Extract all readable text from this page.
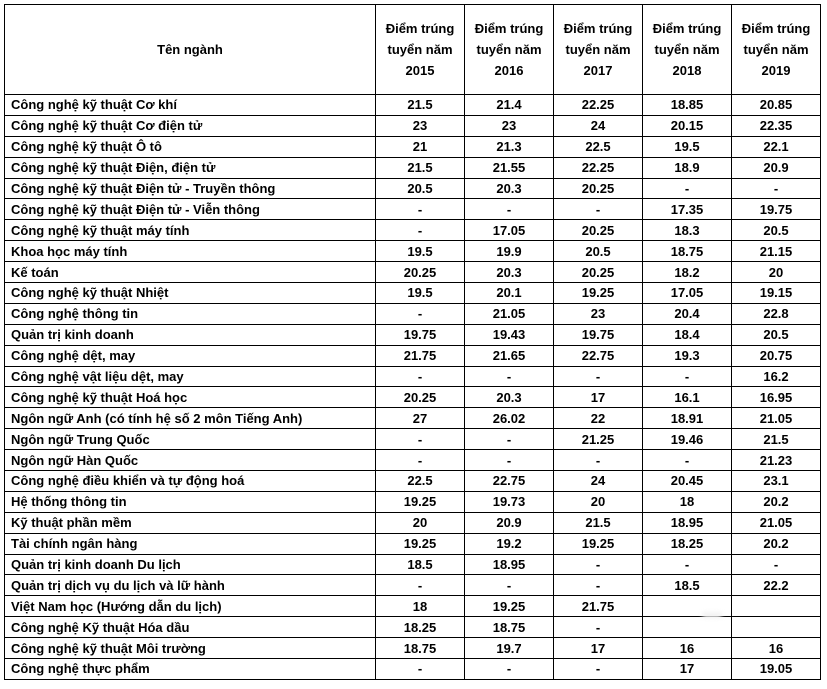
Tên ngành	Điểm trúng tuyển năm 2015	Điểm trúng tuyển năm 2016	Điểm trúng tuyển năm 2017	Điểm trúng tuyển năm 2018	Điểm trúng tuyển năm 2019
Công nghệ kỹ thuật Cơ khí	21.5	21.4	22.25	18.85	20.85
Công nghệ kỹ thuật Cơ điện tử	23	23	24	20.15	22.35
Công nghệ kỹ thuật Ô tô	21	21.3	22.5	19.5	22.1
Công nghệ kỹ thuật Điện, điện tử	21.5	21.55	22.25	18.9	20.9
Công nghệ kỹ thuật Điện tử - Truyền thông	20.5	20.3	20.25	-	-
Công nghệ kỹ thuật Điện tử - Viễn thông	-	-	-	17.35	19.75
Công nghệ kỹ thuật máy tính	-	17.05	20.25	18.3	20.5
Khoa học máy tính	19.5	19.9	20.5	18.75	21.15
Kế toán	20.25	20.3	20.25	18.2	20
Công nghệ kỹ thuật Nhiệt	19.5	20.1	19.25	17.05	19.15
Công nghệ thông tin	-	21.05	23	20.4	22.8
Quản trị kinh doanh	19.75	19.43	19.75	18.4	20.5
Công nghệ dệt, may	21.75	21.65	22.75	19.3	20.75
Công nghệ vật liệu dệt, may	-	-	-	-	16.2
Công nghệ kỹ thuật Hoá học	20.25	20.3	17	16.1	16.95
Ngôn ngữ Anh (có tính hệ số 2 môn Tiếng Anh)	27	26.02	22	18.91	21.05
Ngôn ngữ Trung Quốc	-	-	21.25	19.46	21.5
Ngôn ngữ Hàn Quốc	-	-	-	-	21.23
Công nghệ điều khiển và tự động hoá	22.5	22.75	24	20.45	23.1
Hệ thống thông tin	19.25	19.73	20	18	20.2
Kỹ thuật phần mềm	20	20.9	21.5	18.95	21.05
Tài chính ngân hàng	19.25	19.2	19.25	18.25	20.2
Quản trị kinh doanh Du lịch	18.5	18.95	-	-	-
Quản trị dịch vụ du lịch và lữ hành	-	-	-	18.5	22.2
Việt Nam học (Hướng dẫn du lịch)	18	19.25	21.75		
Công nghệ Kỹ thuật Hóa dầu	18.25	18.75	-		
Công nghệ kỹ thuật Môi trường	18.75	19.7	17	16	16
Công nghệ thực phẩm	-	-	-	17	19.05
